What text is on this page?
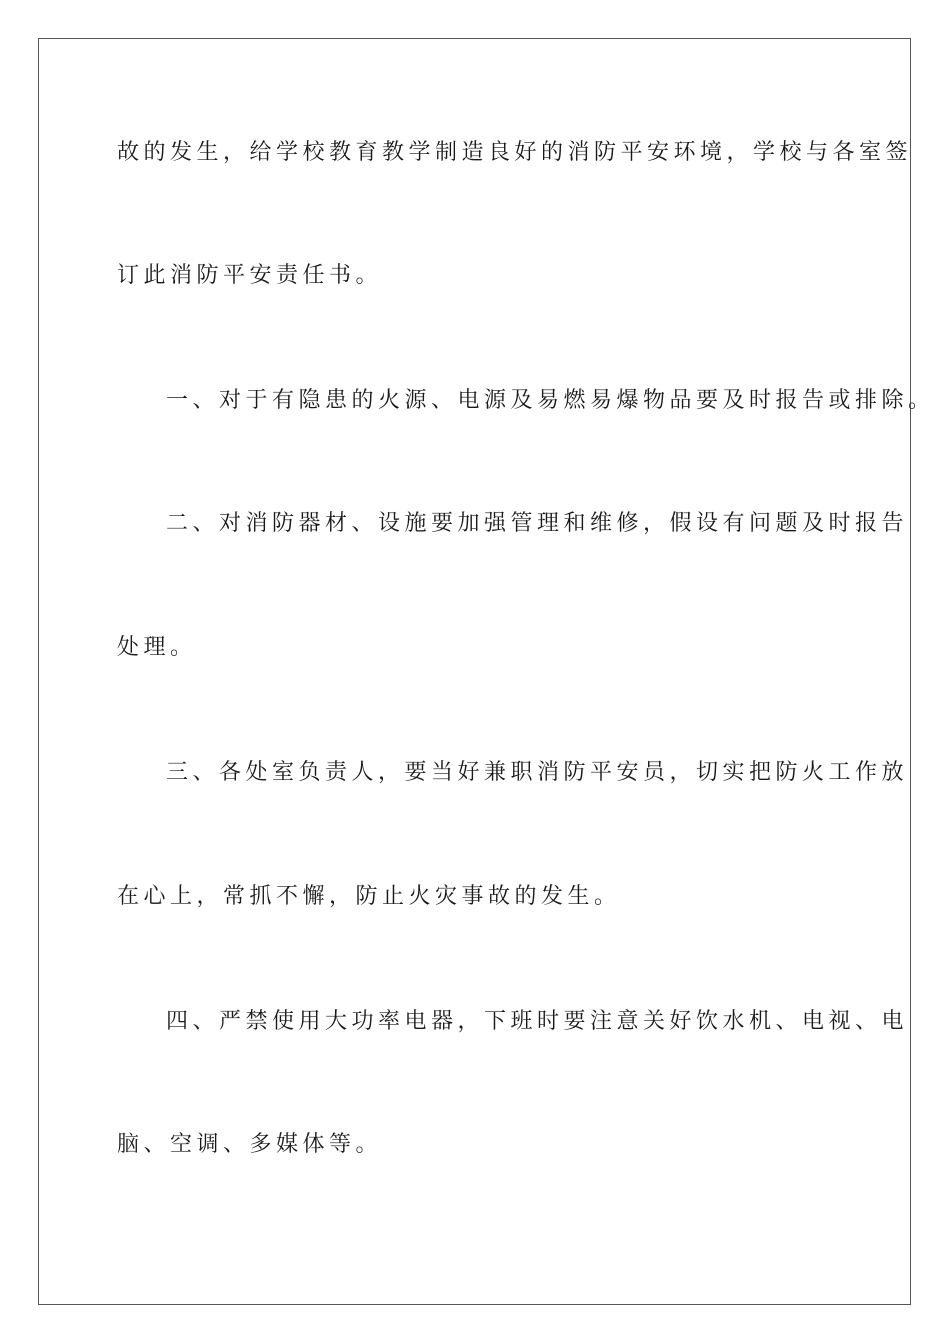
故的发生，给学校教育教学制造良好的消防平安环境，学校与各室签
订此消防平安责任书。
一、对于有隐患的火源、电源及易燃易爆物品要及时报告或排除。
二、对消防器材、设施要加强管理和维修，假设有问题及时报告
处理。
三、各处室负责人，要当好兼职消防平安员，切实把防火工作放
在心上，常抓不懈，防止火灾事故的发生。
四、严禁使用大功率电器，下班时要注意关好饮水机、电视、电
脑、空调、多媒体等。
